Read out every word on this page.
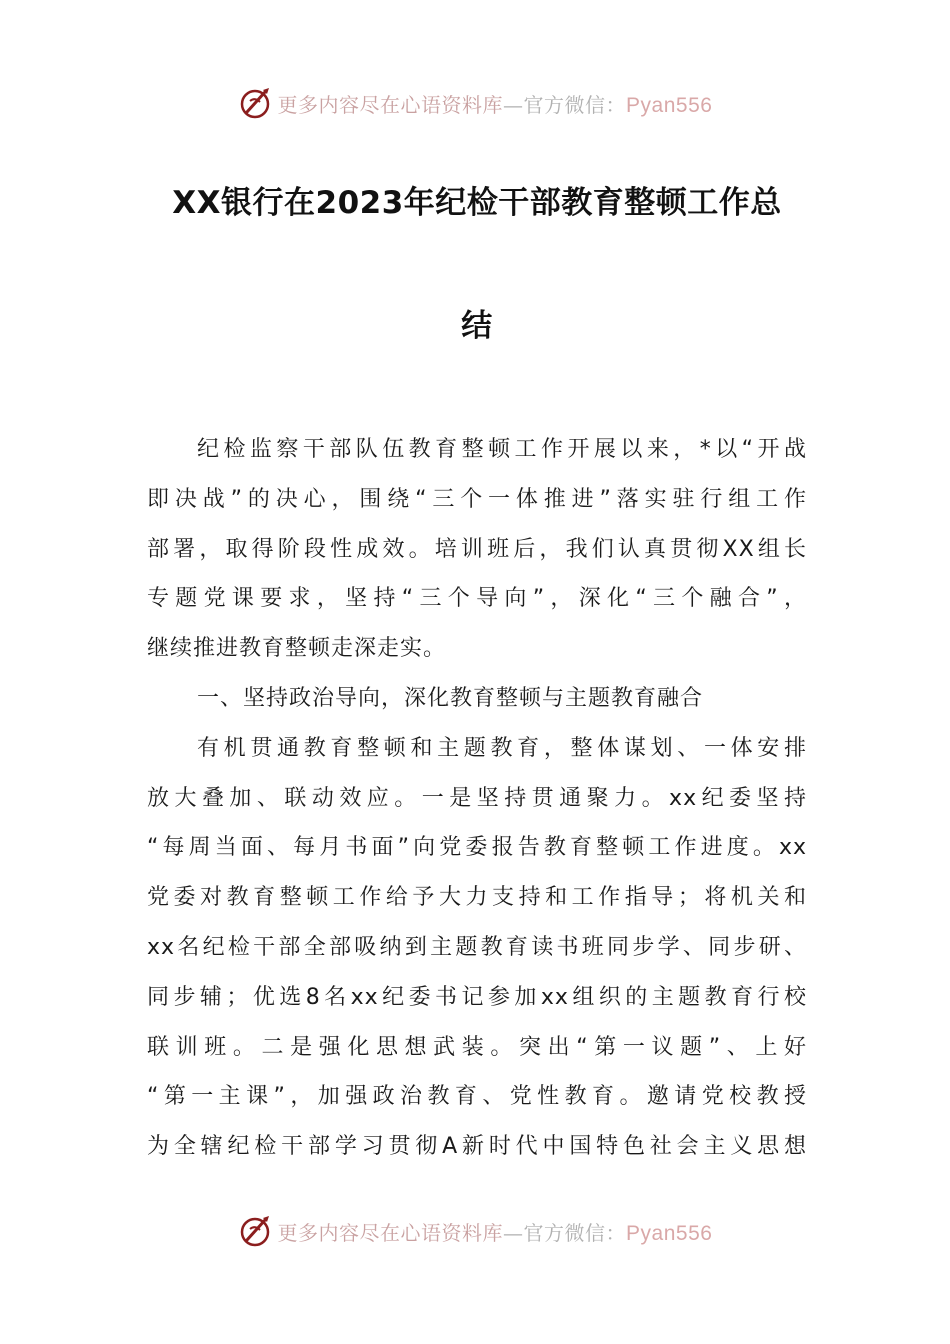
更多内容尽在心语资料库—官方微信：Pyan556
XX银行在2023年纪检干部教育整顿工作总
结
纪检监察干部队伍教育整顿工作开展以来，*以“开战
即决战”的决心，围绕“三个一体推进”落实驻行组工作
部署，取得阶段性成效。培训班后，我们认真贯彻XX组长
专题党课要求，坚持“三个导向”，深化“三个融合”，
继续推进教育整顿走深走实。
一、坚持政治导向，深化教育整顿与主题教育融合
有机贯通教育整顿和主题教育，整体谋划、一体安排
放大叠加、联动效应。一是坚持贯通聚力。xx纪委坚持
“每周当面、每月书面”向党委报告教育整顿工作进度。xx
党委对教育整顿工作给予大力支持和工作指导；将机关和
xx名纪检干部全部吸纳到主题教育读书班同步学、同步研、
同步辅；优选8名xx纪委书记参加xx组织的主题教育行校
联训班。二是强化思想武装。突出“第一议题”、上好
“第一主课”，加强政治教育、党性教育。邀请党校教授
为全辖纪检干部学习贯彻A新时代中国特色社会主义思想
更多内容尽在心语资料库—官方微信：Pyan556
